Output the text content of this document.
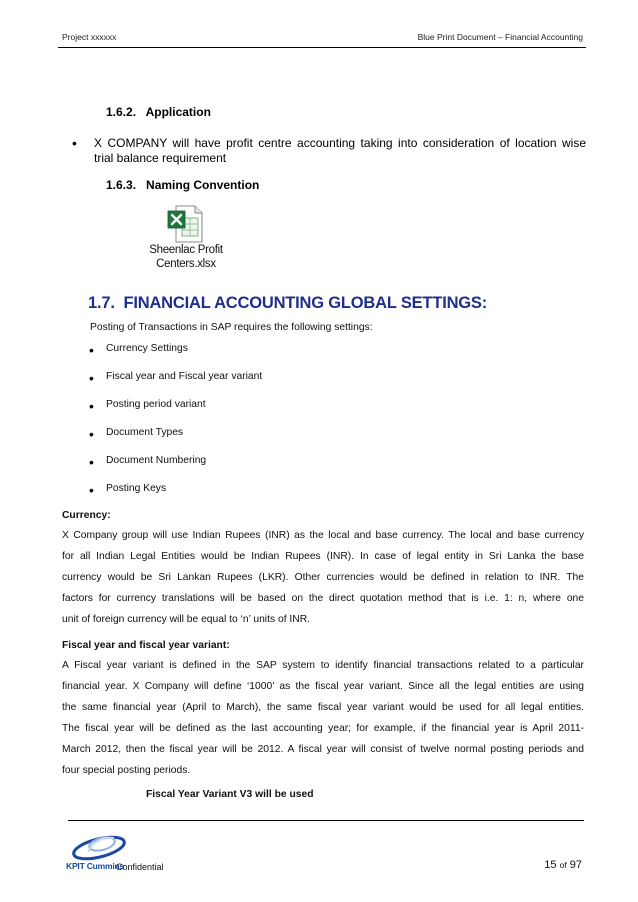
Project xxxxxx	Blue Print Document – Financial Accounting
1.6.2.   Application
• X COMPANY will have profit centre accounting taking into consideration of location wise
trial balance requirement
1.6.3.   Naming Convention
Sheenlac Profit
Centers.xlsx
1.7.  FINANCIAL ACCOUNTING GLOBAL SETTINGS:
Posting of Transactions in SAP requires the following settings:
• Currency Settings
• Fiscal year and Fiscal year variant
• Posting period variant
• Document Types
• Document Numbering
• Posting Keys
Currency:
X Company group will use Indian Rupees (INR) as the local and base currency. The local and base currency
for all Indian Legal Entities would be Indian Rupees (INR). In case of legal entity in Sri Lanka the base
currency would be Sri Lankan Rupees (LKR). Other currencies would be defined in relation to INR. The
factors for currency translations will be based on the direct quotation method that is i.e. 1: n, where one
unit of foreign currency will be equal to ‘n’ units of INR.
Fiscal year and fiscal year variant:
A Fiscal year variant is defined in the SAP system to identify financial transactions related to a particular
financial year. X Company will define ‘1000’ as the fiscal year variant. Since all the legal entities are using
the same financial year (April to March), the same fiscal year variant would be used for all legal entities.
The fiscal year will be defined as the last accounting year; for example, if the financial year is April 2011-
March 2012, then the fiscal year will be 2012. A fiscal year will consist of twelve normal posting periods and
four special posting periods.
Fiscal Year Variant V3 will be used
KPIT Cummins
Confidential	15 of 97
